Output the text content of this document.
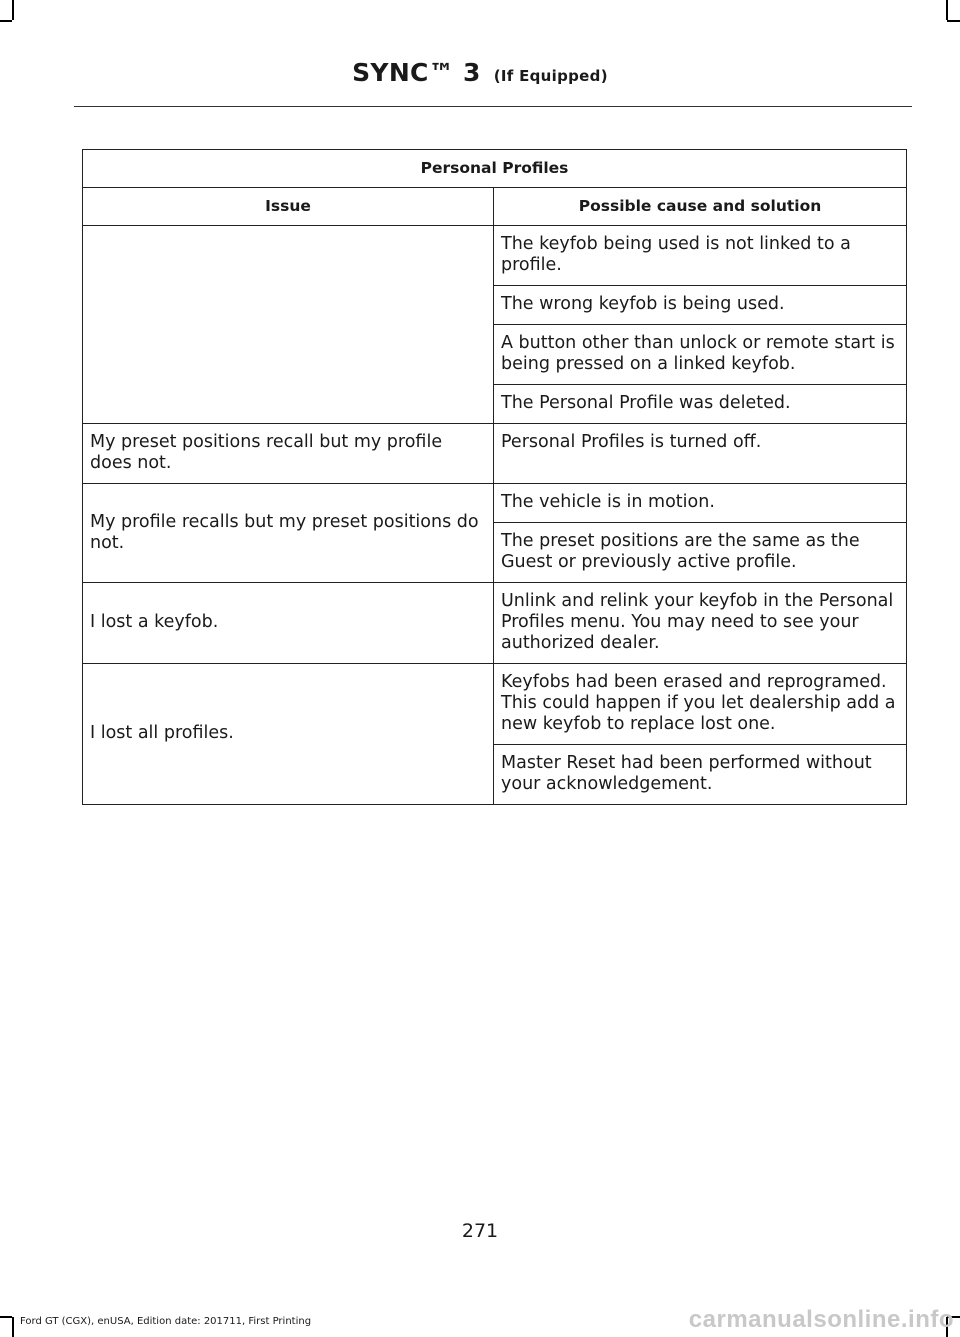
SYNC™ 3 (If Equipped)
Personal Profiles	
Issue	Possible cause and solution
	The keyfob being used is not linked to a profile.
	The wrong keyfob is being used.
	A button other than unlock or remote start is being pressed on a linked keyfob.
	The Personal Profile was deleted.
My preset positions recall but my profile does not.	Personal Profiles is turned off.
My profile recalls but my preset positions do not.	The vehicle is in motion.
	The preset positions are the same as the Guest or previously active profile.
I lost a keyfob.	Unlink and relink your keyfob in the Personal Profiles menu. You may need to see your authorized dealer.
I lost all profiles.	Keyfobs had been erased and reprogramed. This could happen if you let dealership add a new keyfob to replace lost one.
	Master Reset had been performed without your acknowledgement.
271
Ford GT (CGX), enUSA, Edition date: 201711, First Printing	carmanualsonline.info
